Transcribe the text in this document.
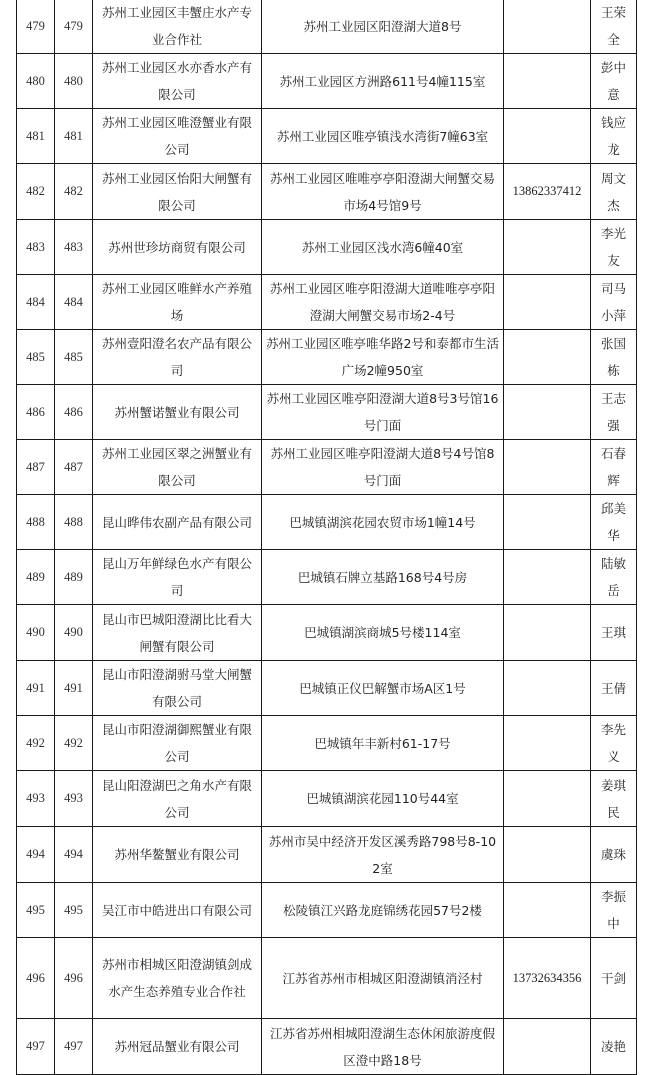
479	479	苏州工业园区丰蟹庄水产专业合作社	苏州工业园区阳澄湖大道8号		王荣全
480	480	苏州工业园区水亦香水产有限公司	苏州工业园区方洲路611号4幢115室		彭中意
481	481	苏州工业园区唯澄蟹业有限公司	苏州工业园区唯亭镇浅水湾街7幢63室		钱应龙
482	482	苏州工业园区怡阳大闸蟹有限公司	苏州工业园区唯唯亭亭阳澄湖大闸蟹交易市场4号馆9号	13862337412	周文杰
483	483	苏州世珍坊商贸有限公司	苏州工业园区浅水湾6幢40室		李光友
484	484	苏州工业园区唯鲜水产养殖场	苏州工业园区唯亭阳澄湖大道唯唯亭亭阳澄湖大闸蟹交易市场2-4号		司马小萍
485	485	苏州壹阳澄名农产品有限公司	苏州工业园区唯亭唯华路2号和泰都市生活广场2幢950室		张国栋
486	486	苏州蟹诺蟹业有限公司	苏州工业园区唯亭阳澄湖大道8号3号馆16号门面		王志强
487	487	苏州工业园区翠之洲蟹业有限公司	苏州工业园区唯亭阳澄湖大道8号4号馆8号门面		石春辉
488	488	昆山晔伟农副产品有限公司	巴城镇湖滨花园农贸市场1幢14号		邱美华
489	489	昆山万年鲜绿色水产有限公司	巴城镇石牌立基路168号4号房		陆敏岳
490	490	昆山市巴城阳澄湖比比看大闸蟹有限公司	巴城镇湖滨商城5号楼114室		王琪
491	491	昆山市阳澄湖驸马堂大闸蟹有限公司	巴城镇正仪巴解蟹市场A区1号		王倩
492	492	昆山市阳澄湖御熙蟹业有限公司	巴城镇年丰新村61-17号		李先义
493	493	昆山阳澄湖巴之角水产有限公司	巴城镇湖滨花园110号44室		姜琪民
494	494	苏州华鳌蟹业有限公司	苏州市吴中经济开发区溪秀路798号8-102室		虞珠
495	495	吴江市中皓进出口有限公司	松陵镇江兴路龙庭锦绣花园57号2楼		李振中
496	496	苏州市相城区阳澄湖镇剑成水产生态养殖专业合作社	江苏省苏州市相城区阳澄湖镇消泾村	13732634356	干剑
497	497	苏州冠品蟹业有限公司	江苏省苏州相城阳澄湖生态休闲旅游度假区澄中路18号		凌艳
